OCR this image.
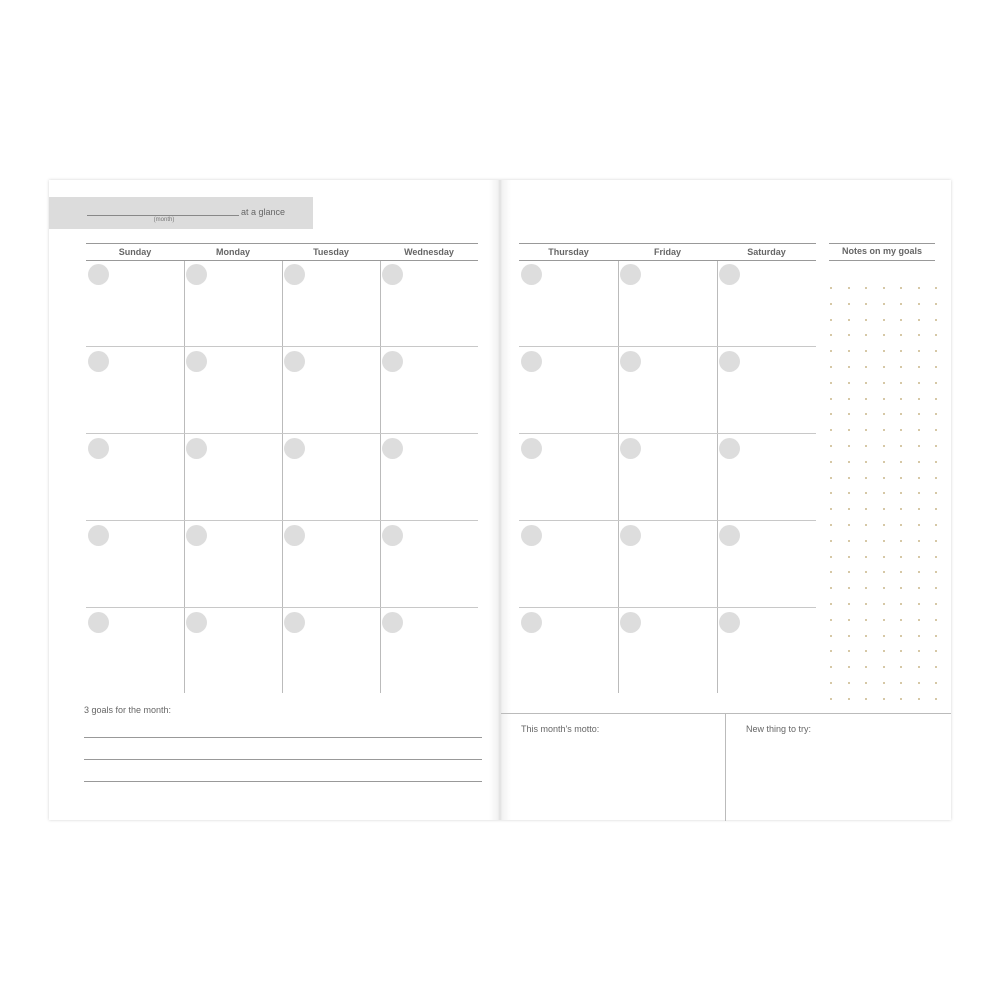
(month)
at a glance
Sunday	Monday	Tuesday	Wednesday	Thursday	Friday	Saturday	Notes on my goals
3 goals for the month:
This month's motto:	New thing to try:
